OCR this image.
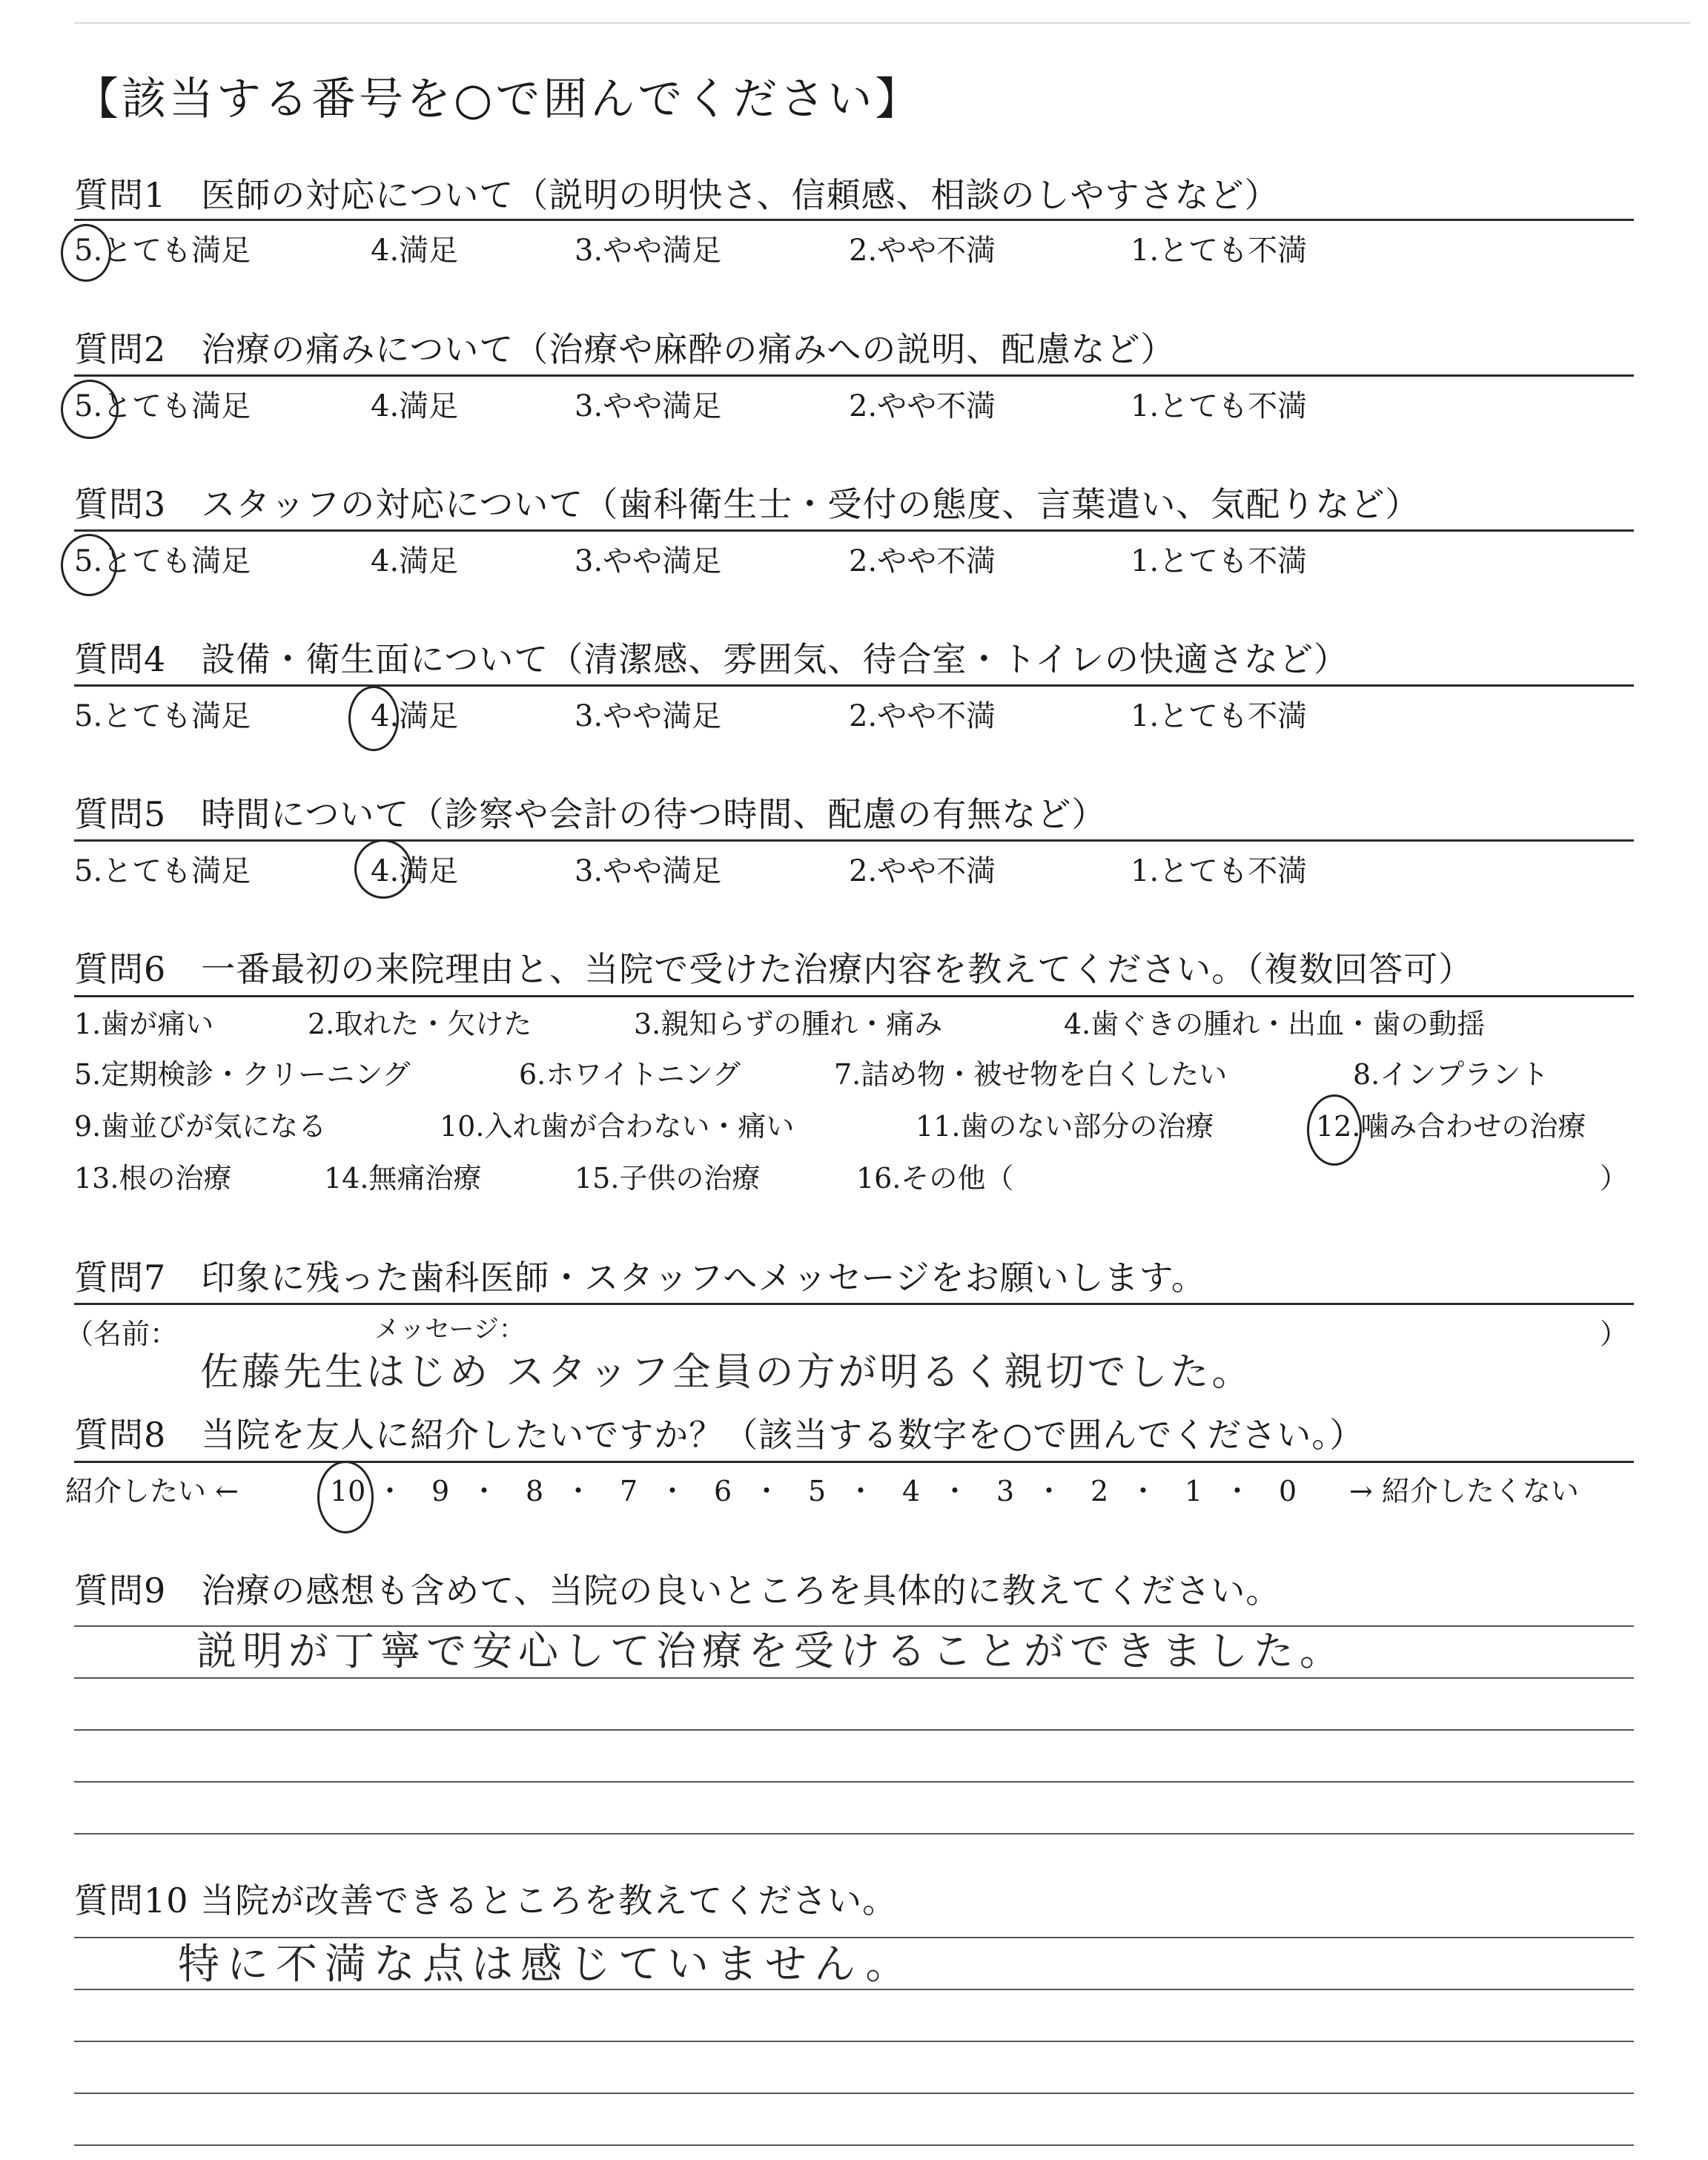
【該当する番号を○で囲んでください】
質問1　医師の対応について（説明の明快さ、信頼感、相談のしやすさなど）
5.とても満足	4.満足	3.やや満足	2.やや不満	1.とても不満
質問2　治療の痛みについて（治療や麻酔の痛みへの説明、配慮など）
5.とても満足	4.満足	3.やや満足	2.やや不満	1.とても不満
質問3　スタッフの対応について（歯科衛生士・受付の態度、言葉遣い、気配りなど）
5.とても満足	4.満足	3.やや満足	2.やや不満	1.とても不満
質問4　設備・衛生面について（清潔感、雰囲気、待合室・トイレの快適さなど）
5.とても満足	4.満足	3.やや満足	2.やや不満	1.とても不満
質問5　時間について（診察や会計の待つ時間、配慮の有無など）
5.とても満足	4.満足	3.やや満足	2.やや不満	1.とても不満
質問6　一番最初の来院理由と、当院で受けた治療内容を教えてください。（複数回答可）
1.歯が痛い	2.取れた・欠けた	3.親知らずの腫れ・痛み	4.歯ぐきの腫れ・出血・歯の動揺
5.定期検診・クリーニング	6.ホワイトニング	7.詰め物・被せ物を白くしたい	8.インプラント
9.歯並びが気になる	10.入れ歯が合わない・痛い	11.歯のない部分の治療	12.噛み合わせの治療
13.根の治療	14.無痛治療	15.子供の治療	16.その他（	）
質問7　印象に残った歯科医師・スタッフへメッセージをお願いします。
（名前：	メッセージ：	）
佐藤先生はじめ スタッフ全員の方が明るく親切でした。
質問8　当院を友人に紹介したいですか？（該当する数字を○で囲んでください。）
紹介したい ←	10 ・ 9 ・ 8 ・ 7 ・ 6 ・ 5 ・ 4 ・ 3 ・ 2 ・ 1 ・ 0 → 紹介したくない
質問9　治療の感想も含めて、当院の良いところを具体的に教えてください。
説明が丁寧で安心して治療を受けることができました。
質問10 当院が改善できるところを教えてください。
特に不満な点は感じていません。
